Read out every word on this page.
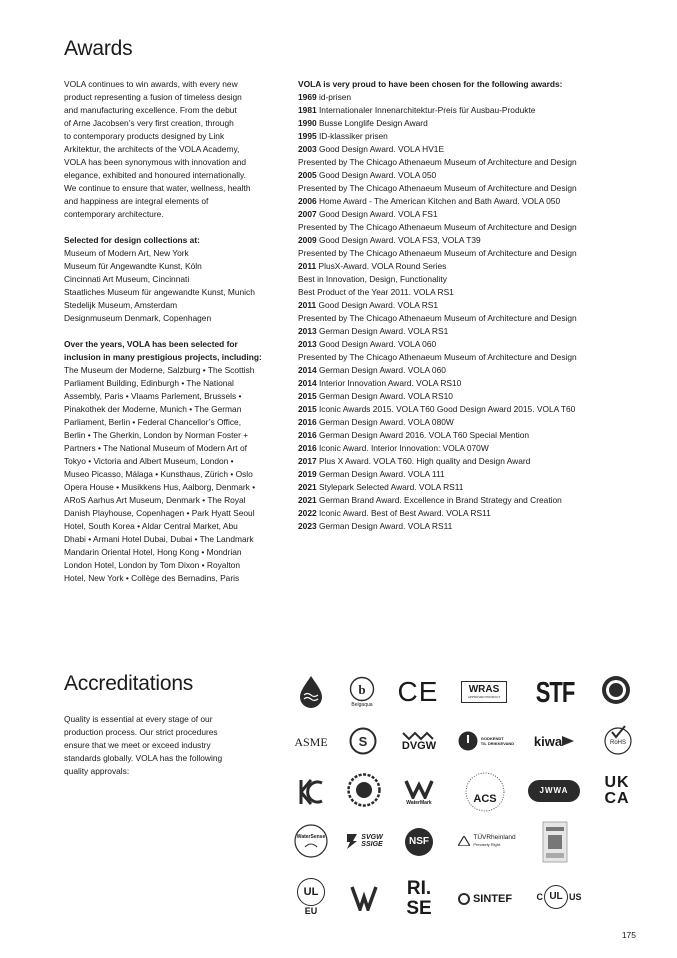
Awards

VOLA continues to win awards, with every new

product representing a fusion of timeless design

and manufacturing excellence. From the debut

of Arne Jacobsen’s very first creation, through

to contemporary products designed by Link

Arkitektur, the architects of the VOLA Academy,

VOLA has been synonymous with innovation and

elegance, exhibited and honoured internationally.

We continue to ensure that water, wellness, health

and happiness are integral elements of

contemporary architecture.

Selected for design collections at:

Museum of Modern Art, New York

Museum für Angewandte Kunst, Köln

Cincinnati Art Museum, Cincinnati

Staatliches Museum für angewandte Kunst, Munich

Stedelijk Museum, Amsterdam

Designmuseum Denmark, Copenhagen

Over the years, VOLA has been selected for

inclusion in many prestigious projects, including:

The Museum der Moderne, Salzburg • The Scottish

Parliament Building, Edinburgh • The National

Assembly, Paris • Vlaams Parlement, Brussels •

Pinakothek der Moderne, Munich • The German

Parliament, Berlin • Federal Chancellor’s Office,

Berlin • The Gherkin, London by Norman Foster +

Partners • The National Museum of Modern Art of

Tokyo • Victoria and Albert Museum, London •

Museo Picasso, Málaga • Kunsthaus, Zürich • Oslo

Opera House • Musikkens Hus, Aalborg, Denmark •

ARoS Aarhus Art Museum, Denmark • The Royal

Danish Playhouse, Copenhagen • Park Hyatt Seoul

Hotel, South Korea • Aldar Central Market, Abu

Dhabi • Armani Hotel Dubai, Dubai • The Landmark

Mandarin Oriental Hotel, Hong Kong • Mondrian

London Hotel, London by Tom Dixon • Royalton

Hotel, New York • Collège des Bernadins, Paris

VOLA is very proud to have been chosen for the following awards:

1969 id-prisen

1981 Internationaler Innenarchitektur-Preis für Ausbau-Produkte

1990 Busse Longlife Design Award

1995 ID-klassiker prisen

2003 Good Design Award. VOLA HV1E

Presented by The Chicago Athenaeum Museum of Architecture and Design

2005 Good Design Award. VOLA 050

Presented by The Chicago Athenaeum Museum of Architecture and Design

2006 Home Award - The American Kitchen and Bath Award. VOLA 050

2007 Good Design Award. VOLA FS1

Presented by The Chicago Athenaeum Museum of Architecture and Design

2009 Good Design Award. VOLA FS3, VOLA T39

Presented by The Chicago Athenaeum Museum of Architecture and Design

2011 PlusX-Award. VOLA Round Series

Best in Innovation, Design, Functionality

Best Product of the Year 2011. VOLA RS1

2011 Good Design Award. VOLA RS1

Presented by The Chicago Athenaeum Museum of Architecture and Design

2013 German Design Award. VOLA RS1

2013 Good Design Award. VOLA 060

Presented by The Chicago Athenaeum Museum of Architecture and Design

2014 German Design Award. VOLA 060

2014 Interior Innovation Award. VOLA RS10

2015 German Design Award. VOLA RS10

2015 Iconic Awards 2015. VOLA T60 Good Design Award 2015. VOLA T60

2016 German Design Award. VOLA 080W

2016 German Design Award 2016. VOLA T60 Special Mention

2016 Iconic Award. Interior Innovation: VOLA 070W

2017 Plus X Award. VOLA T60. High quality and Design Award

2019 German Design Award. VOLA 111

2021 Stylepark Selected Award. VOLA RS11

2021 German Brand Award. Excellence in Brand Strategy and Creation

2022 Iconic Award. Best of Best Award. VOLA RS11

2023 German Design Award. VOLA RS11

Accreditations

Quality is essential at every stage of our

production process. Our strict procedures

ensure that we meet or exceed industry

standards globally. VOLA has the following

quality approvals:

b
Belgaqua CE	WRAS
APPROVED PRODUCT STF
ASME S	DVGW
GODKENDT
TIL DRIKKEVAND kiwa	RoHS
WaterMark	ACS
JWWA UK
CA
WaterSense	SVGW
SSIGE	NSF	TÜVRheinland
Precisely Right.
UL
EU
RI.
SE	SINTEF	C UL US
175
